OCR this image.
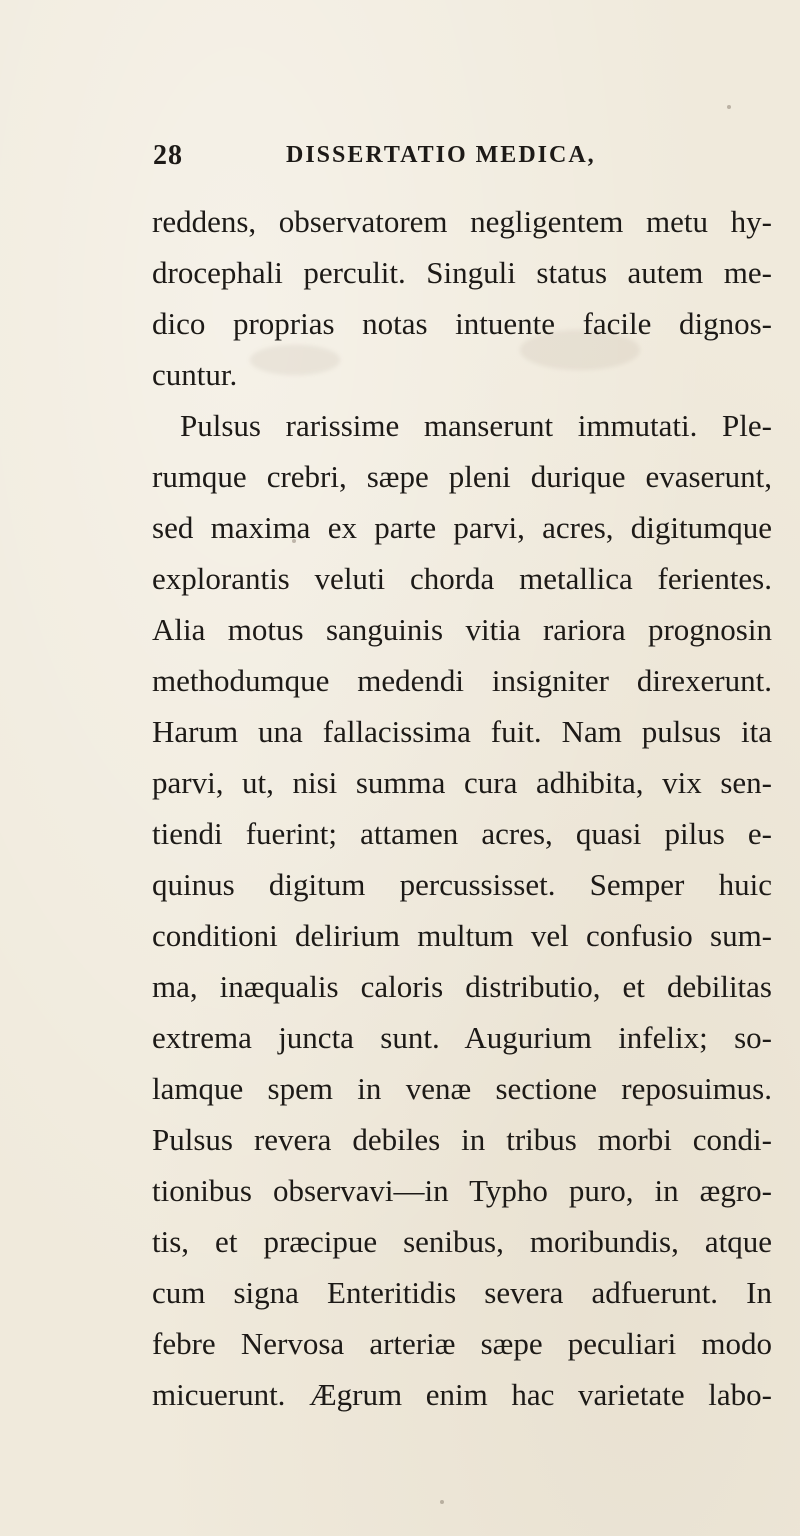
28	DISSERTATIO MEDICA,
reddens, observatorem negligentem metu hy-
drocephali perculit. Singuli status autem me-
dico proprias notas intuente facile dignos-
cuntur.
Pulsus rarissime manserunt immutati. Ple-
rumque crebri, sæpe pleni durique evaserunt,
sed maxima ex parte parvi, acres, digitumque
explorantis veluti chorda metallica ferientes.
Alia motus sanguinis vitia rariora prognosin
methodumque medendi insigniter direxerunt.
Harum una fallacissima fuit. Nam pulsus ita
parvi, ut, nisi summa cura adhibita, vix sen-
tiendi fuerint; attamen acres, quasi pilus e-
quinus digitum percussisset. Semper huic
conditioni delirium multum vel confusio sum-
ma, inæqualis caloris distributio, et debilitas
extrema juncta sunt. Augurium infelix; so-
lamque spem in venæ sectione reposuimus.
Pulsus revera debiles in tribus morbi condi-
tionibus observavi—in Typho puro, in ægro-
tis, et præcipue senibus, moribundis, atque
cum signa Enteritidis severa adfuerunt. In
febre Nervosa arteriæ sæpe peculiari modo
micuerunt. Ægrum enim hac varietate labo-
